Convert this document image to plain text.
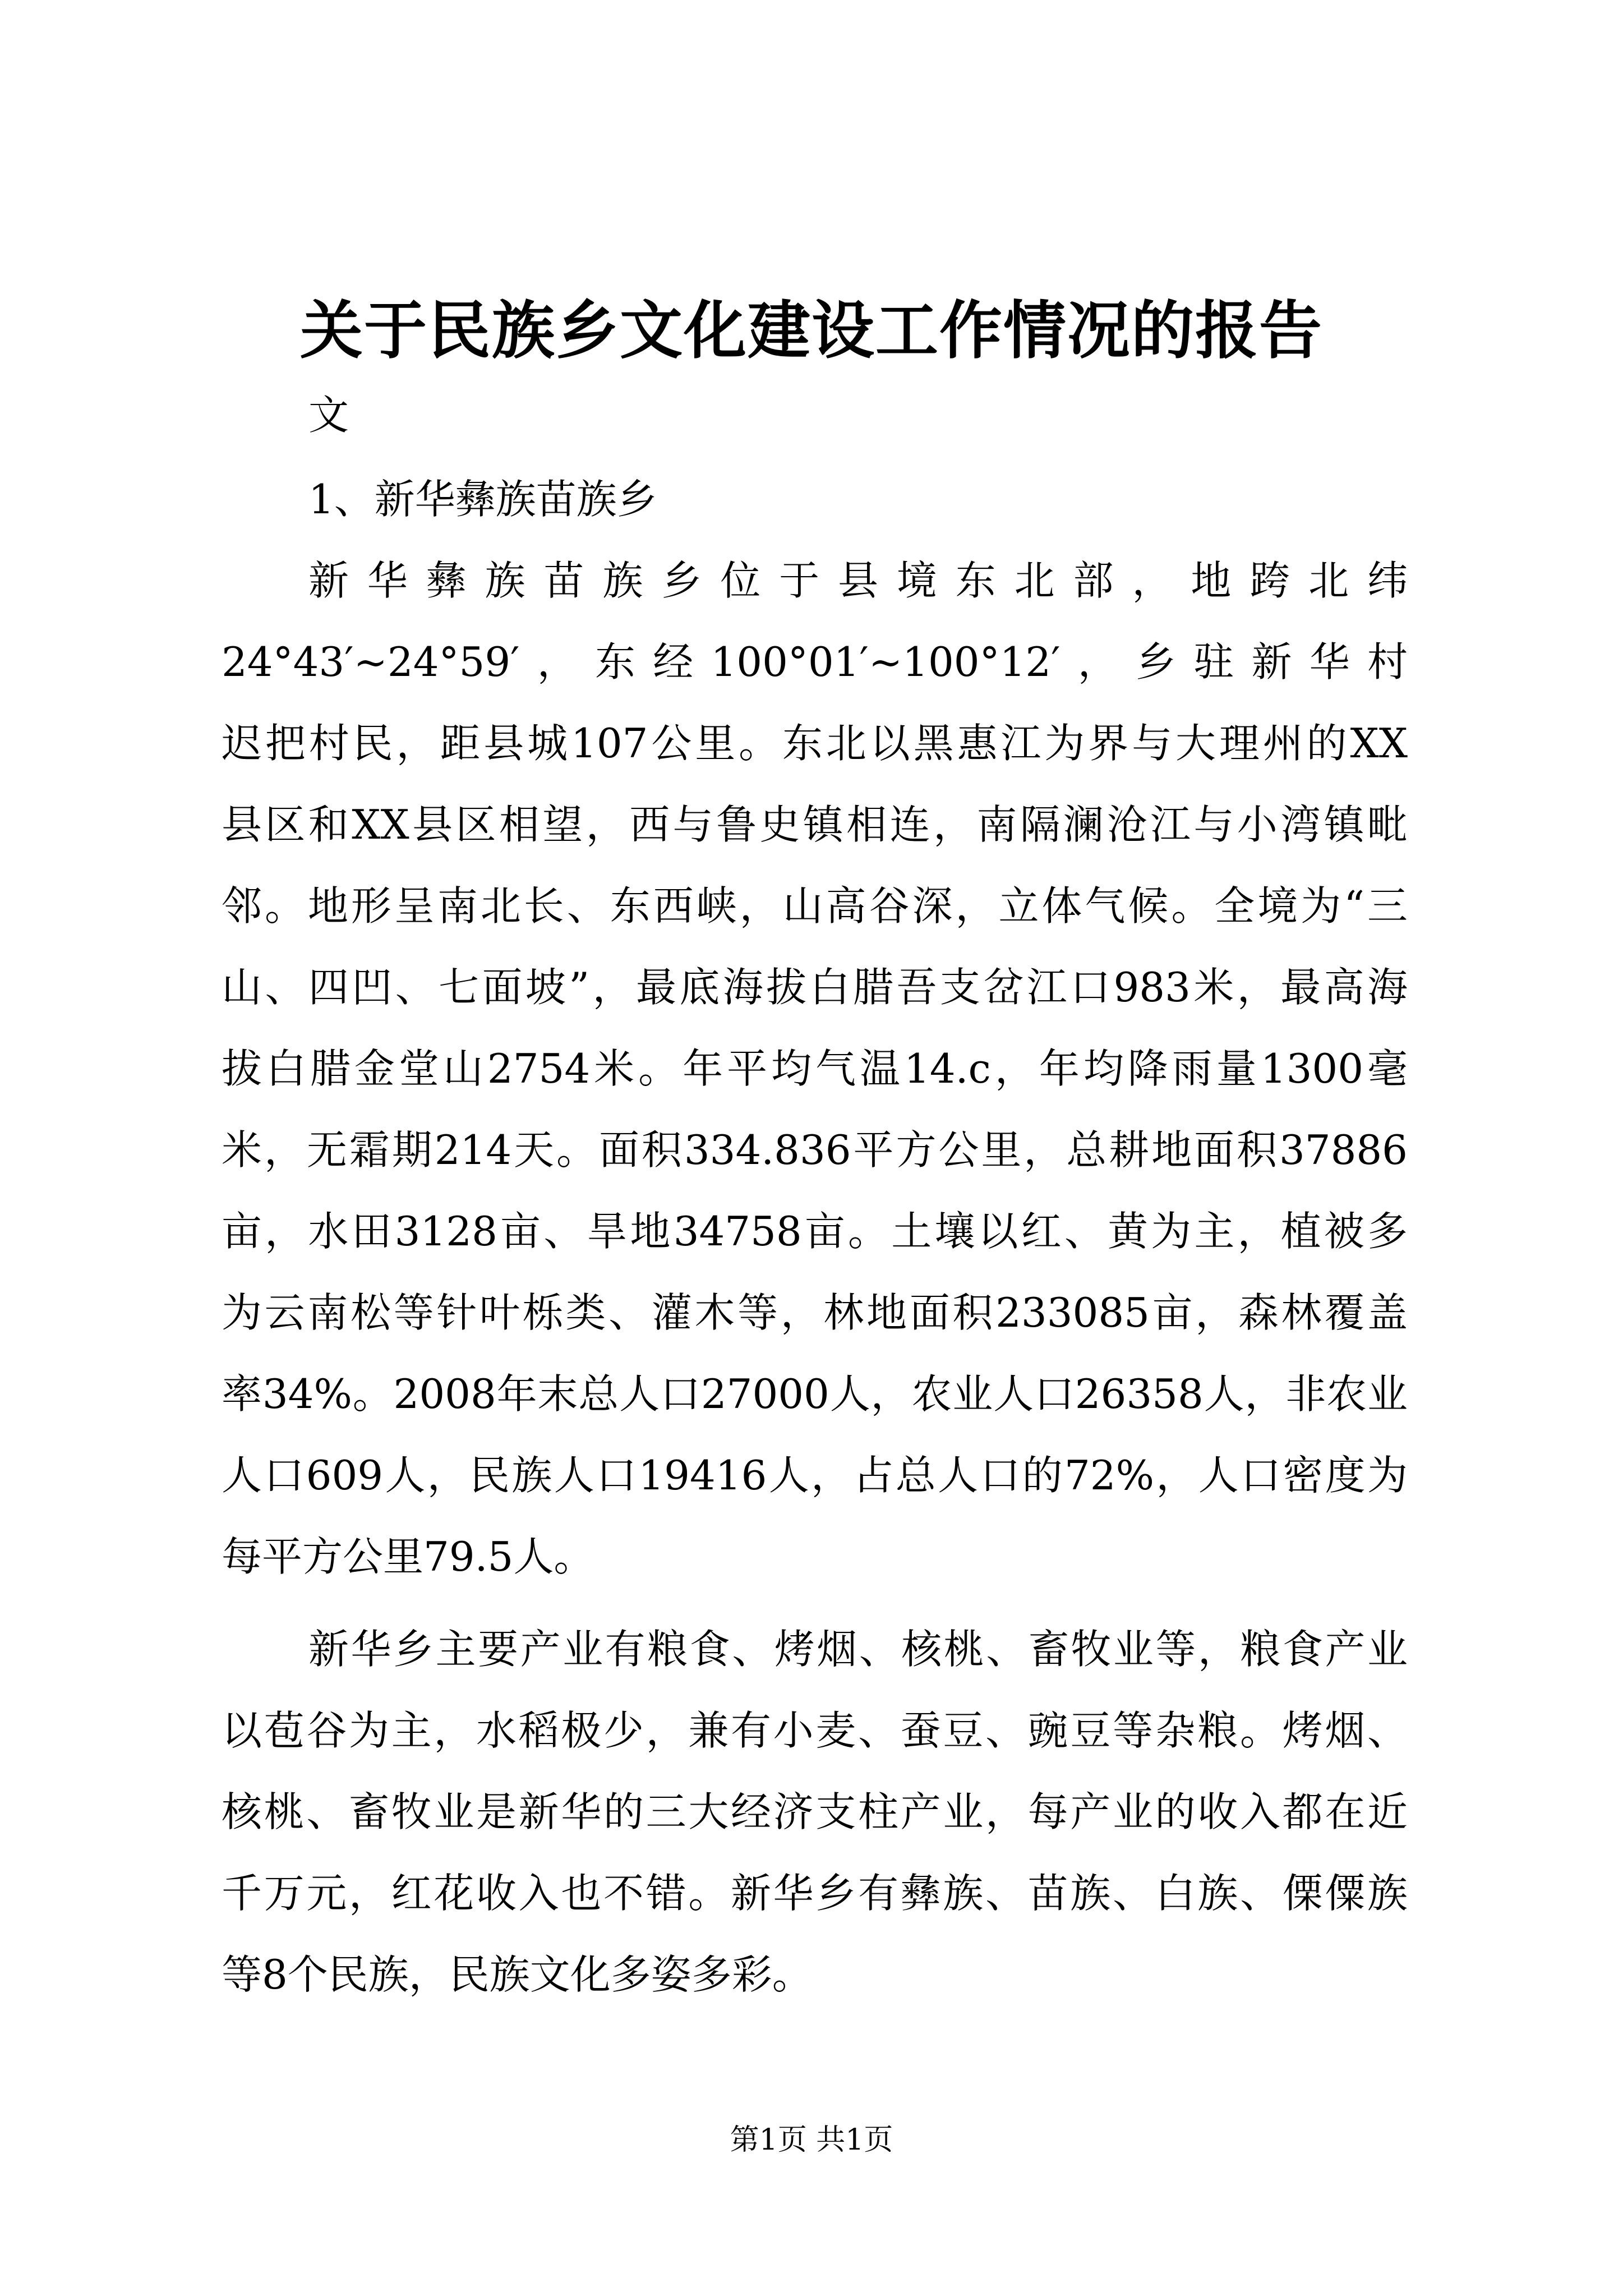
关于民族乡文化建设工作情况的报告
文
1、新华彝族苗族乡
新华彝族苗族乡位于县境东北部，地跨北纬
24°43′~24°59′，东经100°01′~100°12′，乡驻新华村
迟把村民，距县城107公里。东北以黑惠江为界与大理州的XX
县区和XX县区相望，西与鲁史镇相连，南隔澜沧江与小湾镇毗
邻。地形呈南北长、东西峡，山高谷深，立体气候。全境为“三
山、四凹、七面坡”，最底海拔白腊吾支岔江口983米，最高海
拔白腊金堂山2754米。年平均气温14.c，年均降雨量1300毫
米，无霜期214天。面积334.836平方公里，总耕地面积37886
亩，水田3128亩、旱地34758亩。土壤以红、黄为主，植被多
为云南松等针叶栎类、灌木等，林地面积233085亩，森林覆盖
率34%。2008年末总人口27000人，农业人口26358人，非农业
人口609人，民族人口19416人，占总人口的72%，人口密度为
每平方公里79.5人。
新华乡主要产业有粮食、烤烟、核桃、畜牧业等，粮食产业
以苞谷为主，水稻极少，兼有小麦、蚕豆、豌豆等杂粮。烤烟、
核桃、畜牧业是新华的三大经济支柱产业，每产业的收入都在近
千万元，红花收入也不错。新华乡有彝族、苗族、白族、傈僳族
等8个民族，民族文化多姿多彩。
第1页 共1页
